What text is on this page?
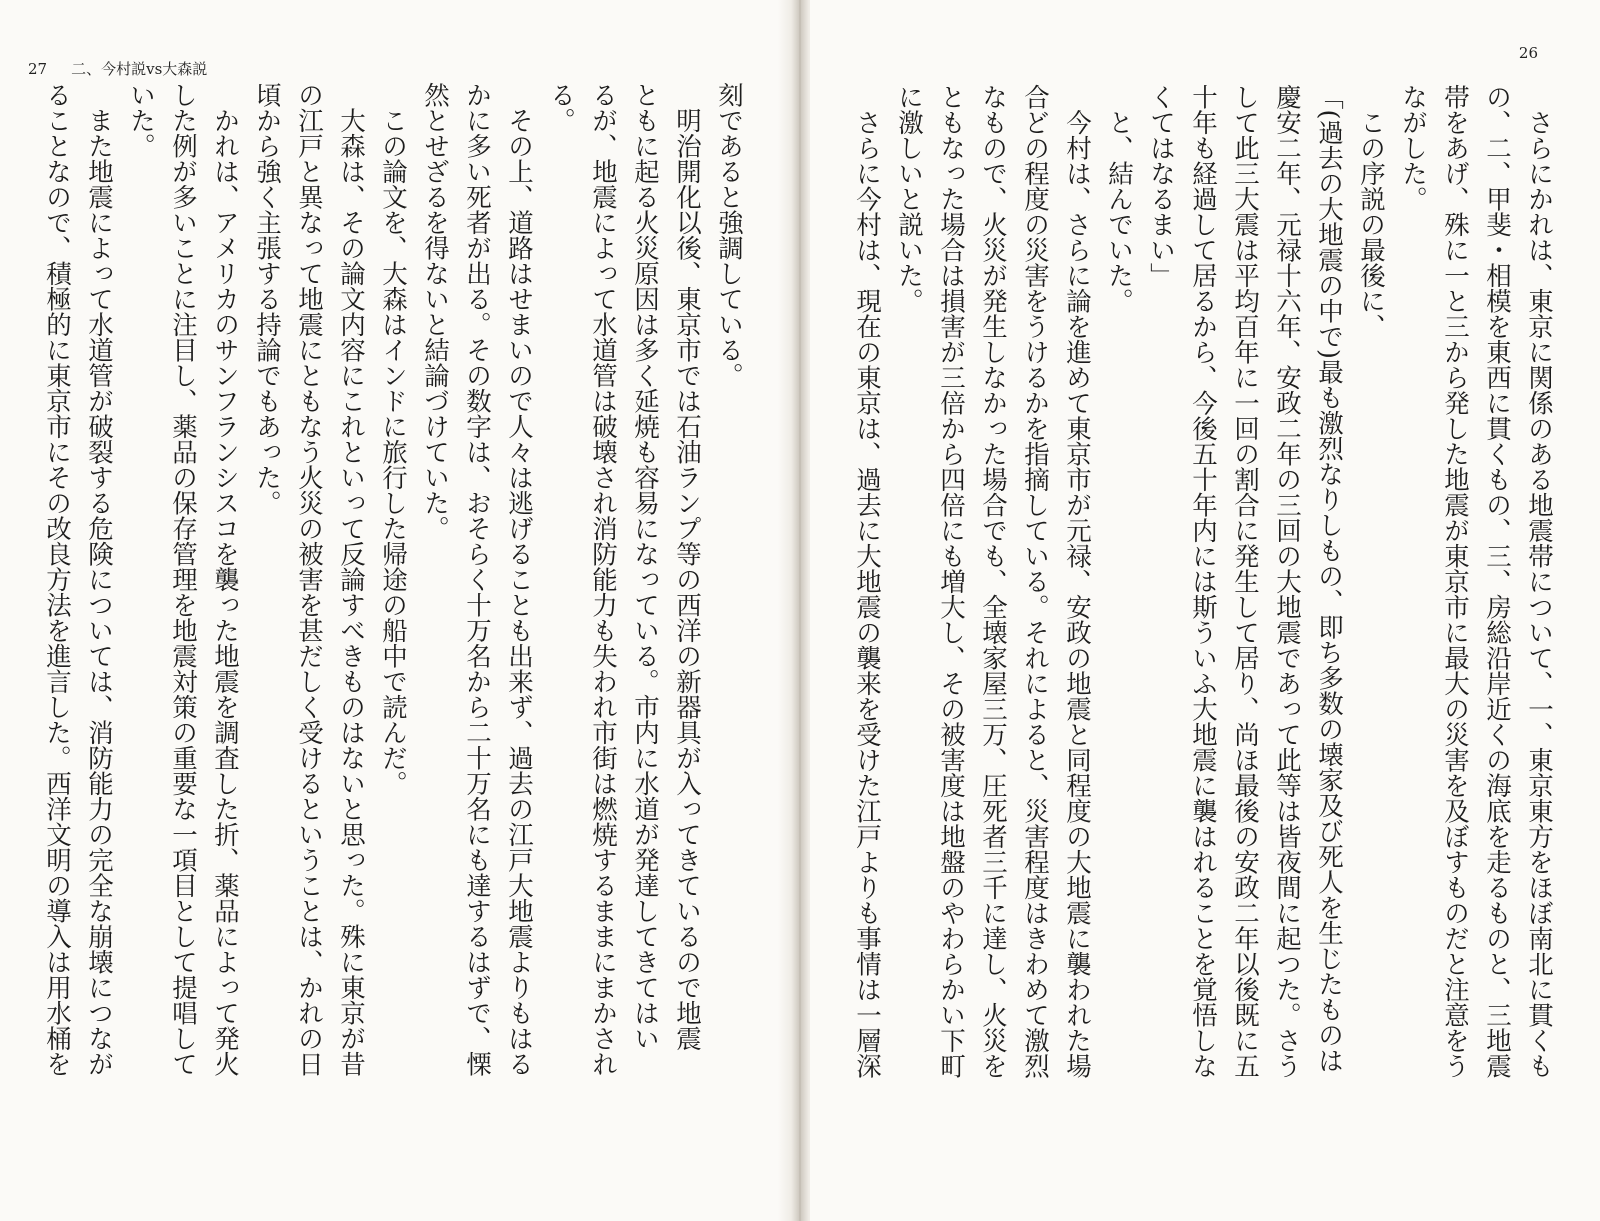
27 二、今村説vs大森説
刻であると強調している。
　明治開化以後、東京市では石油ランプ等の西洋の新器具が入ってきているので地震
ともに起る火災原因は多く延焼も容易になっている。市内に水道が発達してきてはい
るが、地震によって水道管は破壊され消防能力も失われ市街は燃焼するままにまかされ
る。
　その上、道路はせまいので人々は逃げることも出来ず、過去の江戸大地震よりもはる
かに多い死者が出る。その数字は、おそらく十万名から二十万名にも達するはずで、慄
然とせざるを得ないと結論づけていた。
　この論文を、大森はインドに旅行した帰途の船中で読んだ。
　大森は、その論文内容にこれといって反論すべきものはないと思った。殊に東京が昔
の江戸と異なって地震にともなう火災の被害を甚だしく受けるということは、かれの日
頃から強く主張する持論でもあった。
　かれは、アメリカのサンフランシスコを襲った地震を調査した折、薬品によって発火
した例が多いことに注目し、薬品の保存管理を地震対策の重要な一項目として提唱して
いた。
　また地震によって水道管が破裂する危険については、消防能力の完全な崩壊につなが
ることなので、積極的に東京市にその改良方法を進言した。西洋文明の導入は用水桶を
26
　さらにかれは、東京に関係のある地震帯について、一、東京東方をほぼ南北に貫くも
の、二、甲斐・相模を東西に貫くもの、三、房総沿岸近くの海底を走るものと、三地震
帯をあげ、殊に一と三から発した地震が東京市に最大の災害を及ぼすものだと注意をう
ながした。
　この序説の最後に、
「(過去の大地震の中で)最も激烈なりしもの、即ち多数の壊家及び死人を生じたものは
慶安二年、元禄十六年、安政二年の三回の大地震であって此等は皆夜間に起つた。さう
して此三大震は平均百年に一回の割合に発生して居り、尚ほ最後の安政二年以後既に五
十年も経過して居るから、今後五十年内には斯ういふ大地震に襲はれることを覚悟しな
くてはなるまい」
　と、結んでいた。
　今村は、さらに論を進めて東京市が元禄、安政の地震と同程度の大地震に襲われた場
合どの程度の災害をうけるかを指摘している。それによると、災害程度はきわめて激烈
なもので、火災が発生しなかった場合でも、全壊家屋三万、圧死者三千に達し、火災を
ともなった場合は損害が三倍から四倍にも増大し、その被害度は地盤のやわらかい下町
に激しいと説いた。
　さらに今村は、現在の東京は、過去に大地震の襲来を受けた江戸よりも事情は一層深
